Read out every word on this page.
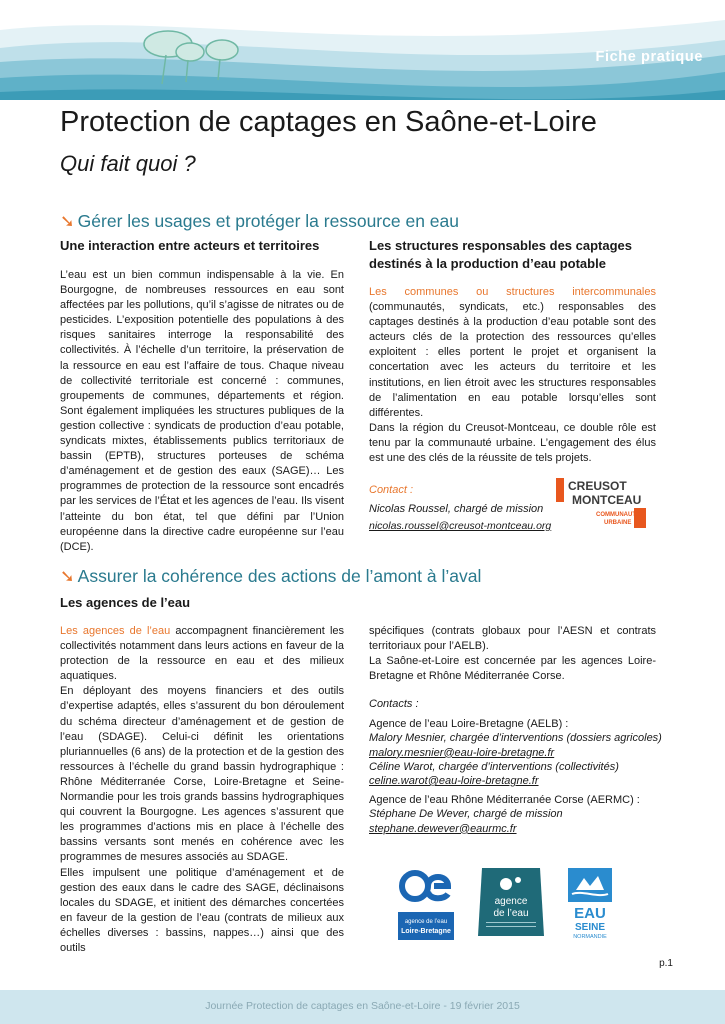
Fiche pratique
Protection de captages en Saône-et-Loire
Qui fait quoi ?
➘ Gérer les usages et protéger la ressource en eau
Une interaction entre acteurs et territoires

L’eau est un bien commun indispensable à la vie. En Bourgogne, de nombreuses ressources en eau sont affectées par les pollutions, qu’il s’agisse de nitrates ou de pesticides. L’exposition potentielle des populations à des risques sanitaires interroge la responsabilité des collectivités. À l’échelle d’un territoire, la préservation de la ressource en eau est l’affaire de tous. Chaque niveau de collectivité territoriale est concerné : communes, groupements de communes, départements et région. Sont également impliquées les structures publiques de la gestion collective : syndicats de production d’eau potable, syndicats mixtes, établissements publics territoriaux de bassin (EPTB), structures porteuses de schéma d’aménagement et de gestion des eaux (SAGE)… Les programmes de protection de la ressource sont encadrés par les services de l’État et les agences de l’eau. Ils visent l’atteinte du bon état, tel que défini par l’Union européenne dans la directive cadre européenne sur l’eau (DCE).

Les structures responsables des captages destinés à la production d’eau potable

Les communes ou structures intercommunales (communautés, syndicats, etc.) responsables des captages destinés à la production d’eau potable sont des acteurs clés de la protection des ressources qu’elles exploitent : elles portent le projet et organisent la concertation avec les acteurs du territoire et les institutions, en lien étroit avec les structures responsables de l’alimentation en eau potable lorsqu’elles sont différentes.

Dans la région du Creusot-Montceau, ce double rôle est tenu par la communauté urbaine. L’engagement des élus est une des clés de la réussite de tels projets.

Contact :

Nicolas Roussel, chargé de mission

nicolas.roussel@creusot-montceau.org

CREUSOT
MONTCEAU
COMMUNAUTÉ
URBAINE
➘ Assurer la cohérence des actions de l’amont à l’aval
Les agences de l’eau

Les agences de l’eau accompagnent financièrement les collectivités notamment dans leurs actions en faveur de la protection de la ressource en eau et des milieux aquatiques.

En déployant des moyens financiers et des outils d’expertise adaptés, elles s’assurent du bon déroulement du schéma directeur d’aménagement et de gestion de l’eau (SDAGE). Celui-ci définit les orientations pluriannuelles (6 ans) de la protection et de la gestion des ressources à l’échelle du grand bassin hydrographique : Rhône Méditerranée Corse, Loire-Bretagne et Seine-Normandie pour les trois grands bassins hydrographiques qui couvrent la Bourgogne. Les agences s’assurent que les programmes d’actions mis en place à l’échelle des bassins versants sont menés en cohérence avec les programmes de mesures associés au SDAGE.

Elles impulsent une politique d’aménagement et de gestion des eaux dans le cadre des SAGE, déclinaisons locales du SDAGE, et initient des démarches concertées en faveur de la gestion de l’eau (contrats de milieux aux échelles diverses : bassins, nappes…) ainsi que des outils

spécifiques (contrats globaux pour l’AESN et contrats territoriaux pour l’AELB).

La Saône-et-Loire est concernée par les agences Loire-Bretagne et Rhône Méditerranée Corse.

Contacts :

Agence de l’eau Loire-Bretagne (AELB) :

Malory Mesnier, chargée d’interventions (dossiers agricoles)

malory.mesnier@eau-loire-bretagne.fr

Céline Warot, chargée d’interventions (collectivités)

celine.warot@eau-loire-bretagne.fr

Agence de l’eau Rhône Méditerranée Corse (AERMC) :

Stéphane De Wever, chargé de mission

stephane.dewever@eaurmc.fr

agence de l’eau
Loire-Bretagne
agence
de l’eau	EAU
SEINE
NORMANDIE
p.1
Journée Protection de captages en Saône-et-Loire - 19 février 2015
